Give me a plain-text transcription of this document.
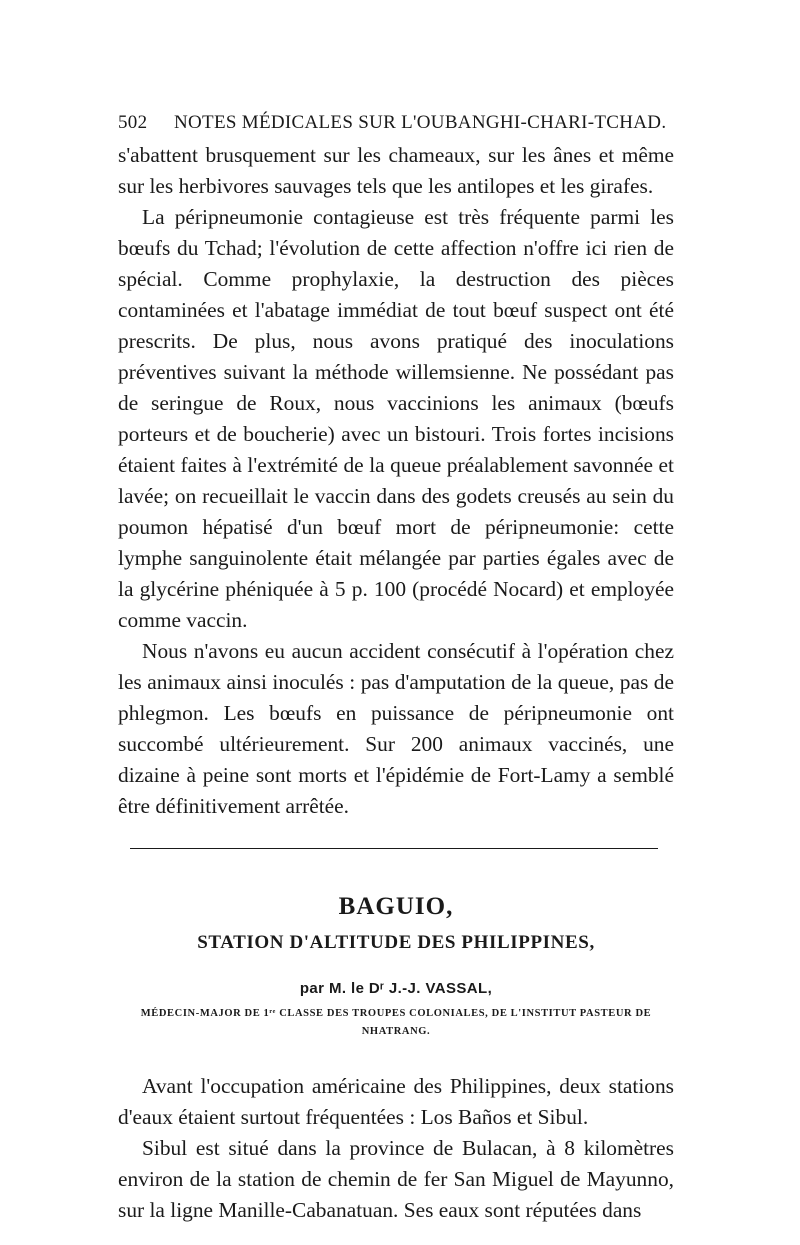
502	NOTES MÉDICALES SUR L'OUBANGHI-CHARI-TCHAD.

s'abattent brusquement sur les chameaux, sur les ânes et même sur les herbivores sauvages tels que les antilopes et les girafes.

La péripneumonie contagieuse est très fréquente parmi les bœufs du Tchad; l'évolution de cette affection n'offre ici rien de spécial. Comme prophylaxie, la destruction des pièces contaminées et l'abatage immédiat de tout bœuf suspect ont été prescrits. De plus, nous avons pratiqué des inoculations préventives suivant la méthode willemsienne. Ne possédant pas de seringue de Roux, nous vaccinions les animaux (bœufs porteurs et de boucherie) avec un bistouri. Trois fortes incisions étaient faites à l'extrémité de la queue préalablement savonnée et lavée; on recueillait le vaccin dans des godets creusés au sein du poumon hépatisé d'un bœuf mort de péripneumonie: cette lymphe sanguinolente était mélangée par parties égales avec de la glycérine phéniquée à 5 p. 100 (procédé Nocard) et employée comme vaccin.

Nous n'avons eu aucun accident consécutif à l'opération chez les animaux ainsi inoculés : pas d'amputation de la queue, pas de phlegmon. Les bœufs en puissance de péripneumonie ont succombé ultérieurement. Sur 200 animaux vaccinés, une dizaine à peine sont morts et l'épidémie de Fort-Lamy a semblé être définitivement arrêtée.

BAGUIO,
STATION D'ALTITUDE DES PHILIPPINES,
par M. le Dʳ J.-J. VASSAL,
MÉDECIN-MAJOR DE 1ʳᵉ CLASSE DES TROUPES COLONIALES, DE L'INSTITUT PASTEUR DE NHATRANG.

Avant l'occupation américaine des Philippines, deux stations d'eaux étaient surtout fréquentées : Los Baños et Sibul.

Sibul est situé dans la province de Bulacan, à 8 kilomètres environ de la station de chemin de fer San Miguel de Mayunno, sur la ligne Manille-Cabanatuan. Ses eaux sont réputées dans
